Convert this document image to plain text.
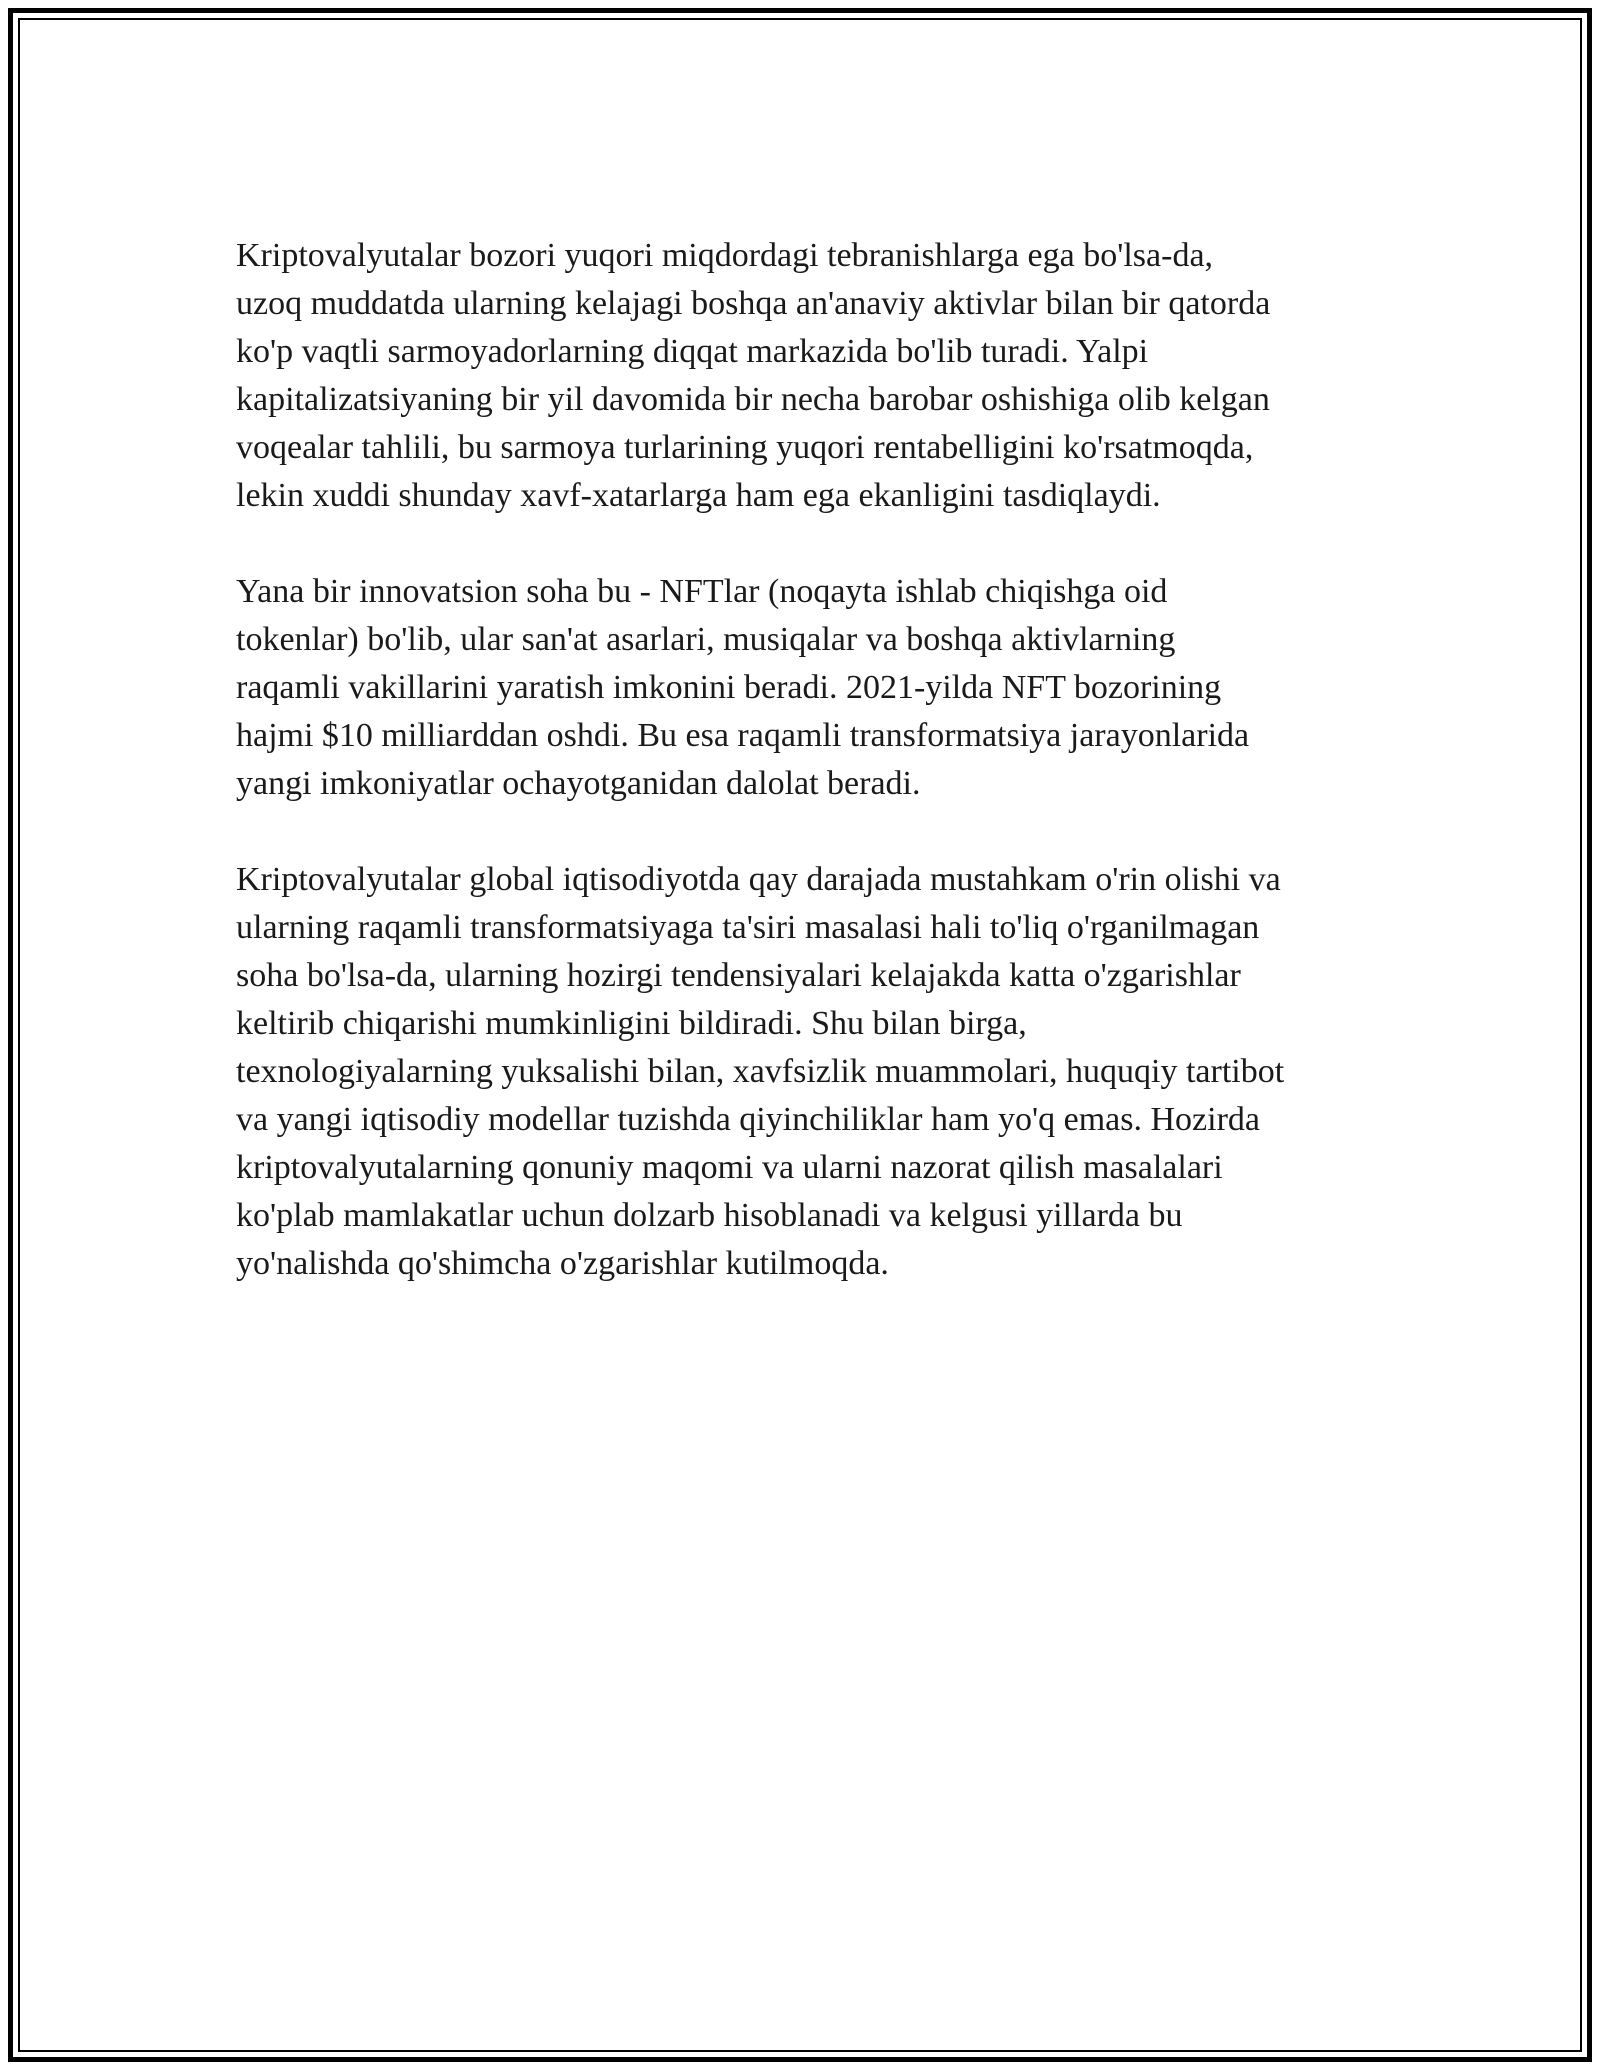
Kriptovalyutalar bozori yuqori miqdordagi tebranishlarga ega bo'lsa-da,
uzoq muddatda ularning kelajagi boshqa an'anaviy aktivlar bilan bir qatorda
ko'p vaqtli sarmoyadorlarning diqqat markazida bo'lib turadi. Yalpi
kapitalizatsiyaning bir yil davomida bir necha barobar oshishiga olib kelgan
voqealar tahlili, bu sarmoya turlarining yuqori rentabelligini ko'rsatmoqda,
lekin xuddi shunday xavf-xatarlarga ham ega ekanligini tasdiqlaydi.

Yana bir innovatsion soha bu - NFTlar (noqayta ishlab chiqishga oid
tokenlar) bo'lib, ular san'at asarlari, musiqalar va boshqa aktivlarning
raqamli vakillarini yaratish imkonini beradi. 2021-yilda NFT bozorining
hajmi $10 milliarddan oshdi. Bu esa raqamli transformatsiya jarayonlarida
yangi imkoniyatlar ochayotganidan dalolat beradi.

Kriptovalyutalar global iqtisodiyotda qay darajada mustahkam o'rin olishi va
ularning raqamli transformatsiyaga ta'siri masalasi hali to'liq o'rganilmagan
soha bo'lsa-da, ularning hozirgi tendensiyalari kelajakda katta o'zgarishlar
keltirib chiqarishi mumkinligini bildiradi. Shu bilan birga,
texnologiyalarning yuksalishi bilan, xavfsizlik muammolari, huquqiy tartibot
va yangi iqtisodiy modellar tuzishda qiyinchiliklar ham yo'q emas. Hozirda
kriptovalyutalarning qonuniy maqomi va ularni nazorat qilish masalalari
ko'plab mamlakatlar uchun dolzarb hisoblanadi va kelgusi yillarda bu
yo'nalishda qo'shimcha o'zgarishlar kutilmoqda.
